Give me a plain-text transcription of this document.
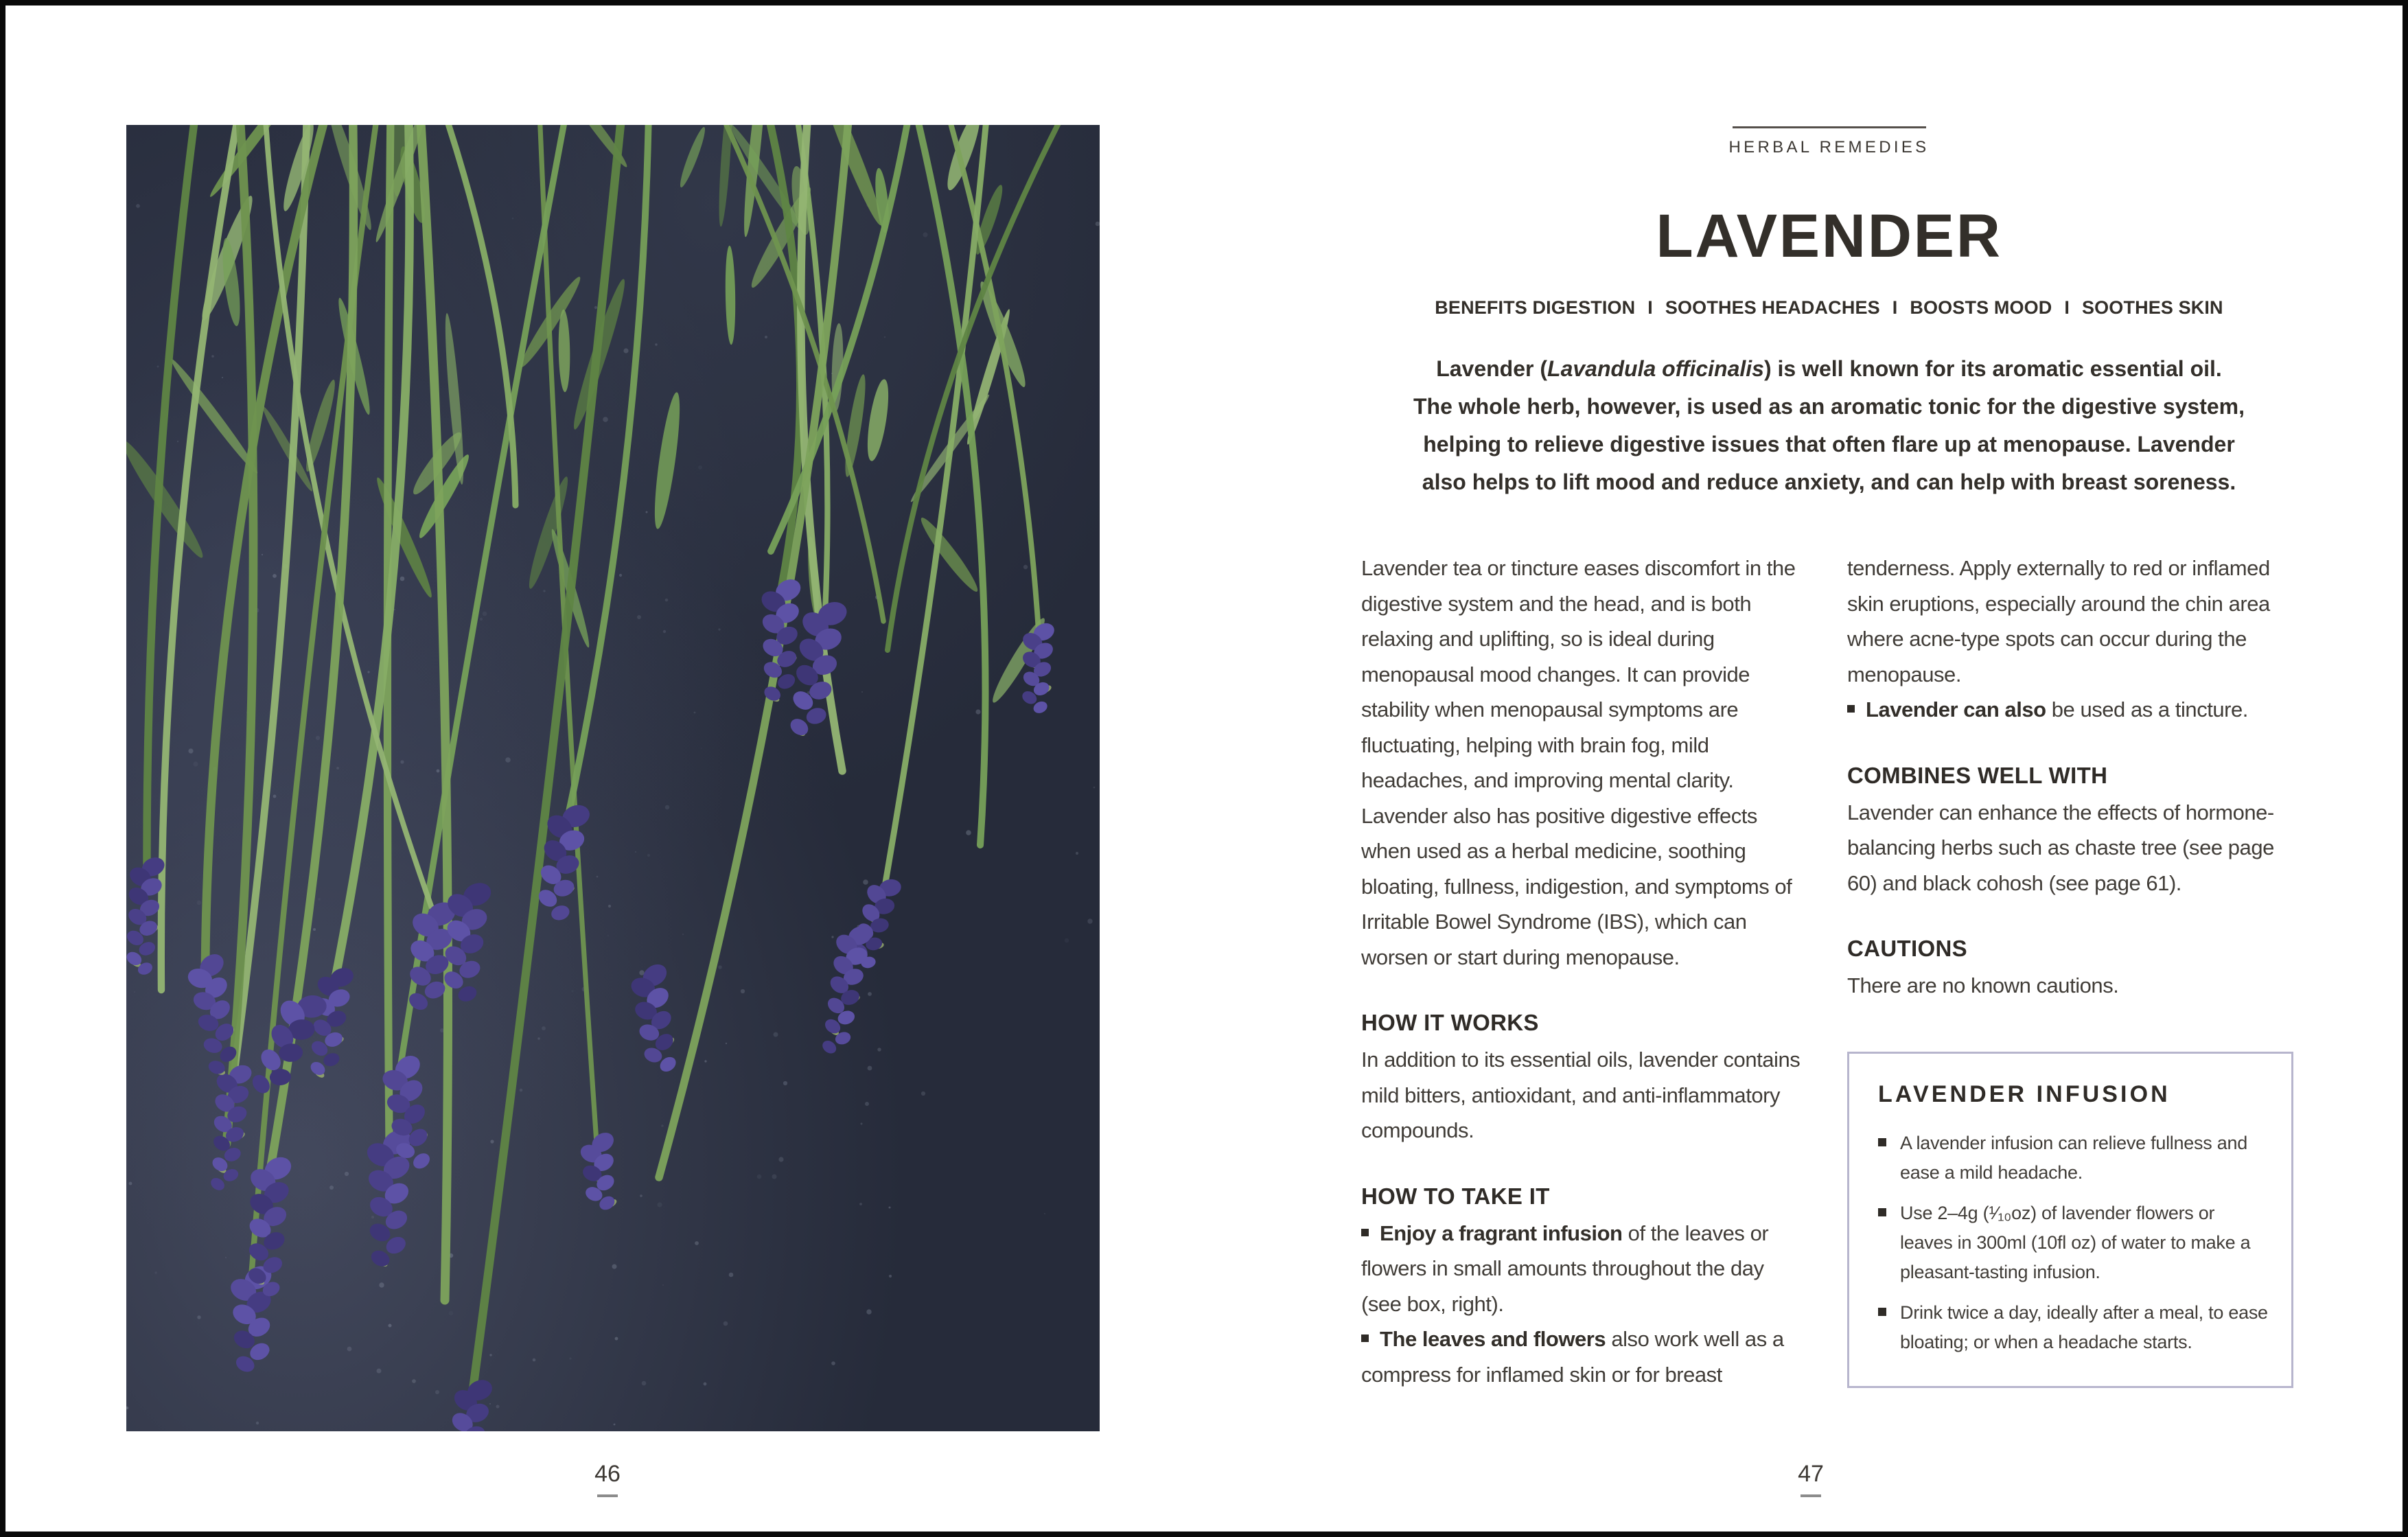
46
HERBAL REMEDIES
LAVENDER
BENEFITS DIGESTION I SOOTHES HEADACHES I BOOSTS MOOD I SOOTHES SKIN
Lavender (Lavandula officinalis) is well known for its aromatic essential oil.
The whole herb, however, is used as an aromatic tonic for the digestive system,
helping to relieve digestive issues that often flare up at menopause. Lavender
also helps to lift mood and reduce anxiety, and can help with breast soreness.

Lavender tea or tincture eases discomfort in the digestive system and the head, and is both relaxing and uplifting, so is ideal during menopausal mood changes. It can provide stability when menopausal symptoms are fluctuating, helping with brain fog, mild headaches, and improving mental clarity. Lavender also has positive digestive effects when used as a herbal medicine, soothing bloating, fullness, indigestion, and symptoms of Irritable Bowel Syndrome (IBS), which can worsen or start during menopause.

HOW IT WORKS

In addition to its essential oils, lavender contains mild bitters, antioxidant, and anti-inflammatory compounds.

HOW TO TAKE IT

Enjoy a fragrant infusion of the leaves or flowers in small amounts throughout the day (see box, right).

The leaves and flowers also work well as a compress for inflamed skin or for breast

tenderness. Apply externally to red or inflamed skin eruptions, especially around the chin area where acne-type spots can occur during the menopause.

Lavender can also be used as a tincture.

COMBINES WELL WITH

Lavender can enhance the effects of hormone-balancing herbs such as chaste tree (see page 60) and black cohosh (see page 61).

CAUTIONS

There are no known cautions.

LAVENDER INFUSION
A lavender infusion can relieve fullness and ease a mild headache.
Use 2–4g (¹⁄₁₀oz) of lavender flowers or leaves in 300ml (10fl oz) of water to make a pleasant-tasting infusion.
Drink twice a day, ideally after a meal, to ease bloating; or when a headache starts.
47
